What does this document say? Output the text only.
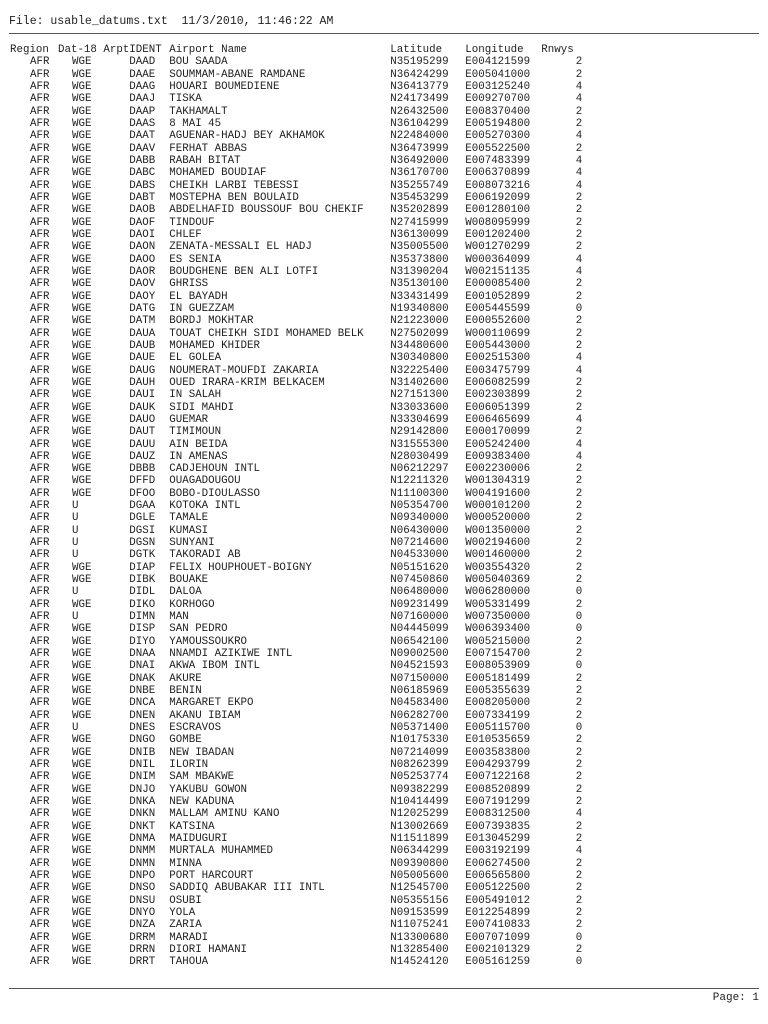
File: usable_datums.txt  11/3/2010, 11:46:22 AM
Region	Dat-18 Arpt	IDENT	Airport Name	Latitude	Longitude	Rnwys
AFR	WGE	DAAD	BOU SAADA	N35195299	E004121599	2
AFR	WGE	DAAE	SOUMMAM-ABANE RAMDANE	N36424299	E005041000	2
AFR	WGE	DAAG	HOUARI BOUMEDIENE	N36413779	E003125240	4
AFR	WGE	DAAJ	TISKA	N24173499	E009270700	4
AFR	WGE	DAAP	TAKHAMALT	N26432500	E008370400	2
AFR	WGE	DAAS	8 MAI 45	N36104299	E005194800	2
AFR	WGE	DAAT	AGUENAR-HADJ BEY AKHAMOK	N22484000	E005270300	4
AFR	WGE	DAAV	FERHAT ABBAS	N36473999	E005522500	2
AFR	WGE	DABB	RABAH BITAT	N36492000	E007483399	4
AFR	WGE	DABC	MOHAMED BOUDIAF	N36170700	E006370899	4
AFR	WGE	DABS	CHEIKH LARBI TEBESSI	N35255749	E008073216	4
AFR	WGE	DABT	MOSTEPHA BEN BOULAID	N35453299	E006192099	2
AFR	WGE	DAOB	ABDELHAFID BOUSSOUF BOU CHEKIF	N35202899	E001280100	2
AFR	WGE	DAOF	TINDOUF	N27415999	W008095999	2
AFR	WGE	DAOI	CHLEF	N36130099	E001202400	2
AFR	WGE	DAON	ZENATA-MESSALI EL HADJ	N35005500	W001270299	2
AFR	WGE	DAOO	ES SENIA	N35373800	W000364099	4
AFR	WGE	DAOR	BOUDGHENE BEN ALI LOTFI	N31390204	W002151135	4
AFR	WGE	DAOV	GHRISS	N35130100	E000085400	2
AFR	WGE	DAOY	EL BAYADH	N33431499	E001052899	2
AFR	WGE	DATG	IN GUEZZAM	N19340800	E005445599	0
AFR	WGE	DATM	BORDJ MOKHTAR	N21223000	E000552600	2
AFR	WGE	DAUA	TOUAT CHEIKH SIDI MOHAMED BELK	N27502099	W000110699	2
AFR	WGE	DAUB	MOHAMED KHIDER	N34480600	E005443000	2
AFR	WGE	DAUE	EL GOLEA	N30340800	E002515300	4
AFR	WGE	DAUG	NOUMERAT-MOUFDI ZAKARIA	N32225400	E003475799	4
AFR	WGE	DAUH	OUED IRARA-KRIM BELKACEM	N31402600	E006082599	2
AFR	WGE	DAUI	IN SALAH	N27151300	E002303899	2
AFR	WGE	DAUK	SIDI MAHDI	N33033600	E006051399	2
AFR	WGE	DAUO	GUEMAR	N33304699	E006465699	4
AFR	WGE	DAUT	TIMIMOUN	N29142800	E000170099	2
AFR	WGE	DAUU	AIN BEIDA	N31555300	E005242400	4
AFR	WGE	DAUZ	IN AMENAS	N28030499	E009383400	4
AFR	WGE	DBBB	CADJEHOUN INTL	N06212297	E002230006	2
AFR	WGE	DFFD	OUAGADOUGOU	N12211320	W001304319	2
AFR	WGE	DFOO	BOBO-DIOULASSO	N11100300	W004191600	2
AFR	U	DGAA	KOTOKA INTL	N05354700	W000101200	2
AFR	U	DGLE	TAMALE	N09340000	W000520000	2
AFR	U	DGSI	KUMASI	N06430000	W001350000	2
AFR	U	DGSN	SUNYANI	N07214600	W002194600	2
AFR	U	DGTK	TAKORADI AB	N04533000	W001460000	2
AFR	WGE	DIAP	FELIX HOUPHOUET-BOIGNY	N05151620	W003554320	2
AFR	WGE	DIBK	BOUAKE	N07450860	W005040369	2
AFR	U	DIDL	DALOA	N06480000	W006280000	0
AFR	WGE	DIKO	KORHOGO	N09231499	W005331499	2
AFR	U	DIMN	MAN	N07160000	W007350000	0
AFR	WGE	DISP	SAN PEDRO	N04445099	W006393400	0
AFR	WGE	DIYO	YAMOUSSOUKRO	N06542100	W005215000	2
AFR	WGE	DNAA	NNAMDI AZIKIWE INTL	N09002500	E007154700	2
AFR	WGE	DNAI	AKWA IBOM INTL	N04521593	E008053909	0
AFR	WGE	DNAK	AKURE	N07150000	E005181499	2
AFR	WGE	DNBE	BENIN	N06185969	E005355639	2
AFR	WGE	DNCA	MARGARET EKPO	N04583400	E008205000	2
AFR	WGE	DNEN	AKANU IBIAM	N06282700	E007334199	2
AFR	U	DNES	ESCRAVOS	N05371400	E005115700	0
AFR	WGE	DNGO	GOMBE	N10175330	E010535659	2
AFR	WGE	DNIB	NEW IBADAN	N07214099	E003583800	2
AFR	WGE	DNIL	ILORIN	N08262399	E004293799	2
AFR	WGE	DNIM	SAM MBAKWE	N05253774	E007122168	2
AFR	WGE	DNJO	YAKUBU GOWON	N09382299	E008520899	2
AFR	WGE	DNKA	NEW KADUNA	N10414499	E007191299	2
AFR	WGE	DNKN	MALLAM AMINU KANO	N12025299	E008312500	4
AFR	WGE	DNKT	KATSINA	N13002669	E007393835	2
AFR	WGE	DNMA	MAIDUGURI	N11511899	E013045299	2
AFR	WGE	DNMM	MURTALA MUHAMMED	N06344299	E003192199	4
AFR	WGE	DNMN	MINNA	N09390800	E006274500	2
AFR	WGE	DNPO	PORT HARCOURT	N05005600	E006565800	2
AFR	WGE	DNSO	SADDIQ ABUBAKAR III INTL	N12545700	E005122500	2
AFR	WGE	DNSU	OSUBI	N05355156	E005491012	2
AFR	WGE	DNYO	YOLA	N09153599	E012254899	2
AFR	WGE	DNZA	ZARIA	N11075241	E007410833	2
AFR	WGE	DRRM	MARADI	N13300680	E007071099	0
AFR	WGE	DRRN	DIORI HAMANI	N13285400	E002101329	2
AFR	WGE	DRRT	TAHOUA	N14524120	E005161259	0
Page: 1
